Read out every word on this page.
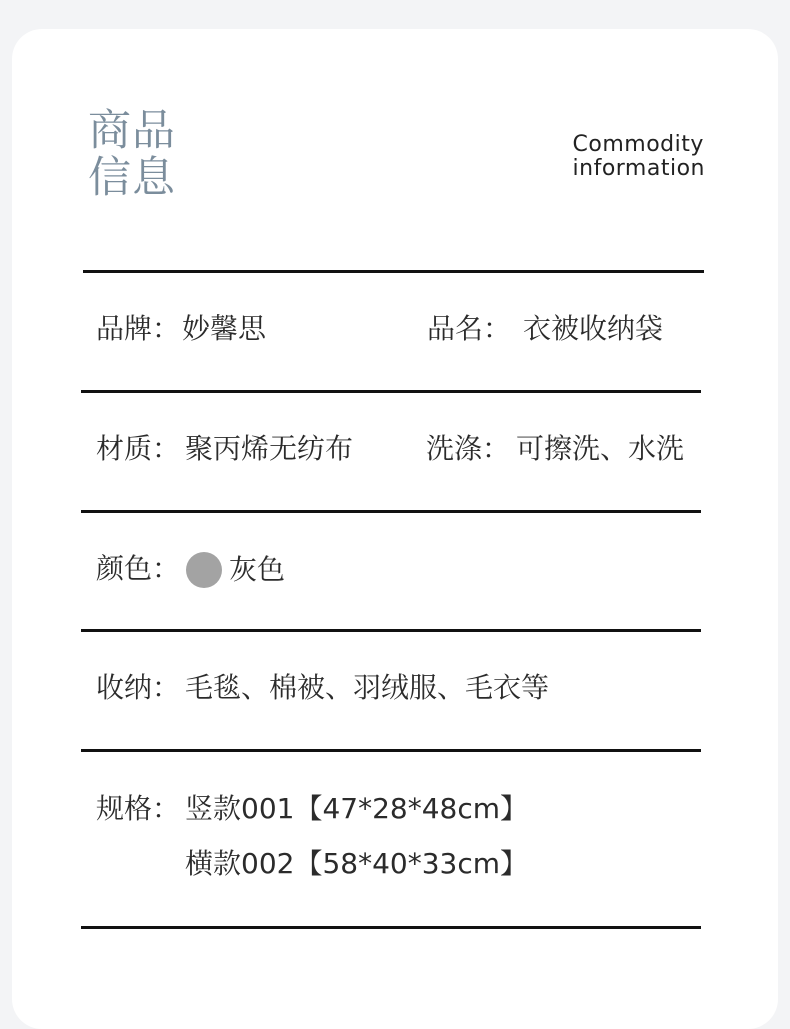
商品
信息
Commodity
information
品牌： 妙馨思	品名： 衣被收纳袋
材质： 聚丙烯无纺布	洗涤： 可擦洗、水洗
颜色： 灰色
收纳： 毛毯、棉被、羽绒服、毛衣等
规格： 竖款001【47*28*48cm】
横款002【58*40*33cm】
